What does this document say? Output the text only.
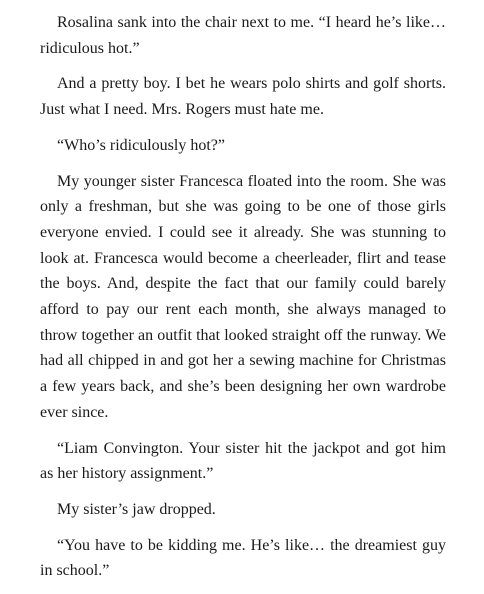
Rosalina sank into the chair next to me. “I heard he’s like… ridiculous hot.”

And a pretty boy. I bet he wears polo shirts and golf shorts. Just what I need. Mrs. Rogers must hate me.

“Who’s ridiculously hot?”

My younger sister Francesca floated into the room. She was only a freshman, but she was going to be one of those girls everyone envied. I could see it already. She was stunning to look at. Francesca would become a cheerleader, flirt and tease the boys. And, despite the fact that our family could barely afford to pay our rent each month, she always managed to throw together an outfit that looked straight off the runway. We had all chipped in and got her a sewing machine for Christmas a few years back, and she’s been designing her own wardrobe ever since.

“Liam Convington. Your sister hit the jackpot and got him as her history assignment.”

My sister’s jaw dropped.

“You have to be kidding me. He’s like… the dreamiest guy in school.”
